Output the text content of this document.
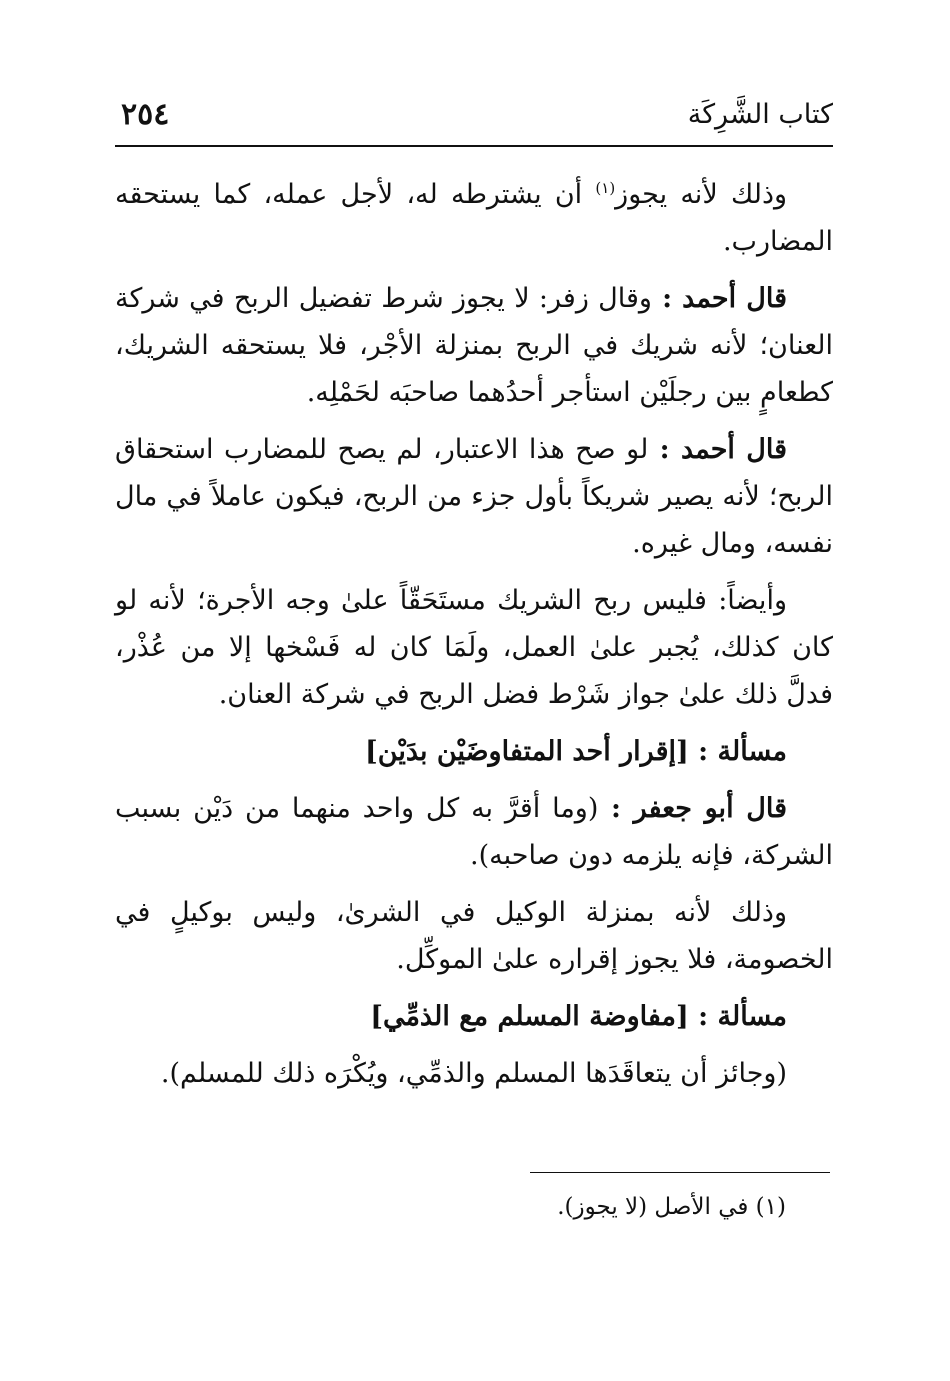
كتاب الشَّرِكَة
٢٥٤

وذلك لأنه يجوز$^{(١)}$ أن يشترطه له، لأجل عمله، كما يستحقه المضارب.

قال أحمد : وقال زفر: لا يجوز شرط تفضيل الربح في شركة العنان؛ لأنه شريك في الربح بمنزلة الأجْر، فلا يستحقه الشريك، كطعامٍ بين رجلَيْن استأجر أحدُهما صاحبَه لحَمْلِه.

قال أحمد : لو صح هذا الاعتبار، لم يصح للمضارب استحقاق الربح؛ لأنه يصير شريكاً بأول جزء من الربح، فيكون عاملاً في مال نفسه، ومال غيره.

وأيضاً: فليس ربح الشريك مستَحَقّاً علىٰ وجه الأجرة؛ لأنه لو كان كذلك، يُجبر علىٰ العمل، ولَمَا كان له فَسْخها إلا من عُذْر، فدلَّ ذلك علىٰ جواز شَرْط فضل الربح في شركة العنان.

مسألة : [إقرار أحد المتفاوضَيْن بدَيْن]

قال أبو جعفر : (وما أقرَّ به كل واحد منهما من دَيْن بسبب الشركة، فإنه يلزمه دون صاحبه).

وذلك لأنه بمنزلة الوكيل في الشرىٰ، وليس بوكيلٍ في الخصومة، فلا يجوز إقراره علىٰ الموكِّل.

مسألة : [مفاوضة المسلم مع الذمِّي]

(وجائز أن يتعاقَدَها المسلم والذمِّي، ويُكْرَه ذلك للمسلم).

(١) في الأصل (لا يجوز).
